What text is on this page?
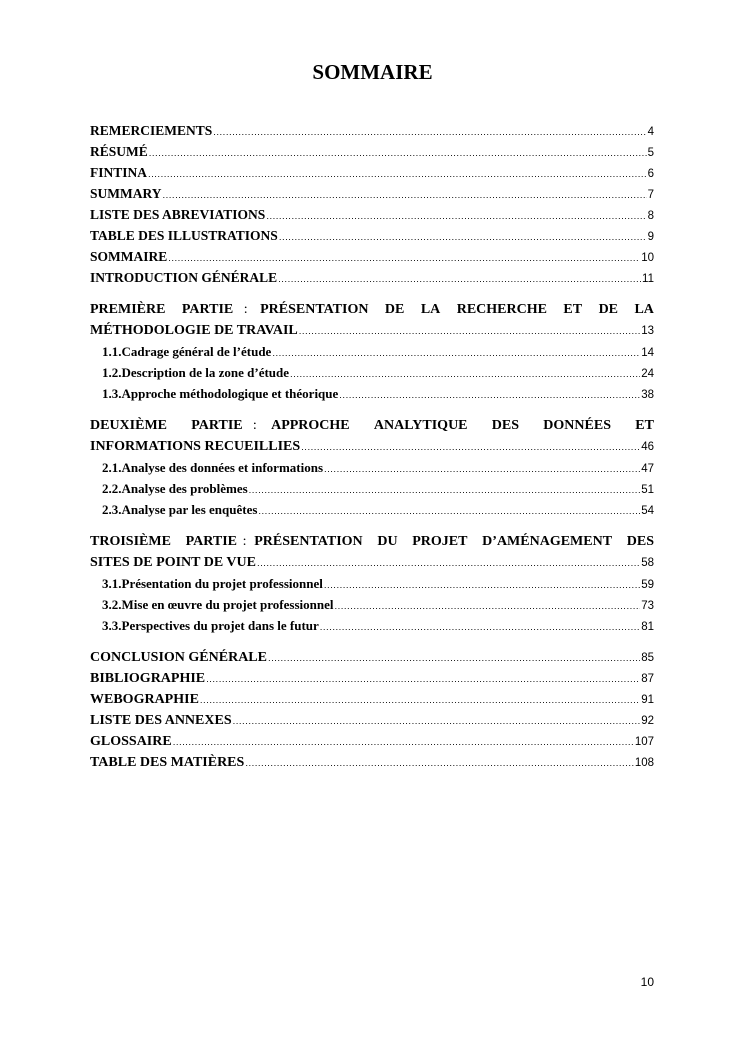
SOMMAIRE
REMERCIEMENTS .....	4
RÉSUMÉ .....	5
FINTINA .....	6
SUMMARY .....	7
LISTE DES ABREVIATIONS .....	8
TABLE DES ILLUSTRATIONS .....	9
SOMMAIRE .....	10
INTRODUCTION GÉNÉRALE .....	11
PREMIÈRE PARTIE : PRÉSENTATION DE LA RECHERCHE ET DE LA
MÉTHODOLOGIE DE TRAVAIL .....	13
1.1. Cadrage général de l’étude .....	14
1.2. Description de la zone d’étude .....	24
1.3. Approche méthodologique et théorique .....	38
DEUXIÈME PARTIE : APPROCHE ANALYTIQUE DES DONNÉES ET
INFORMATIONS RECUEILLIES .....	46
2.1. Analyse des données et informations .....	47
2.2. Analyse des problèmes .....	51
2.3. Analyse par les enquêtes .....	54
TROISIÈME PARTIE : PRÉSENTATION DU PROJET D’AMÉNAGEMENT DES
SITES DE POINT DE VUE .....	58
3.1. Présentation du projet professionnel .....	59
3.2. Mise en œuvre du projet professionnel .....	73
3.3. Perspectives du projet dans le futur .....	81
CONCLUSION GÉNÉRALE .....	85
BIBLIOGRAPHIE .....	87
WEBOGRAPHIE .....	91
LISTE DES ANNEXES .....	92
GLOSSAIRE .....	107
TABLE DES MATIÈRES .....	108
10
